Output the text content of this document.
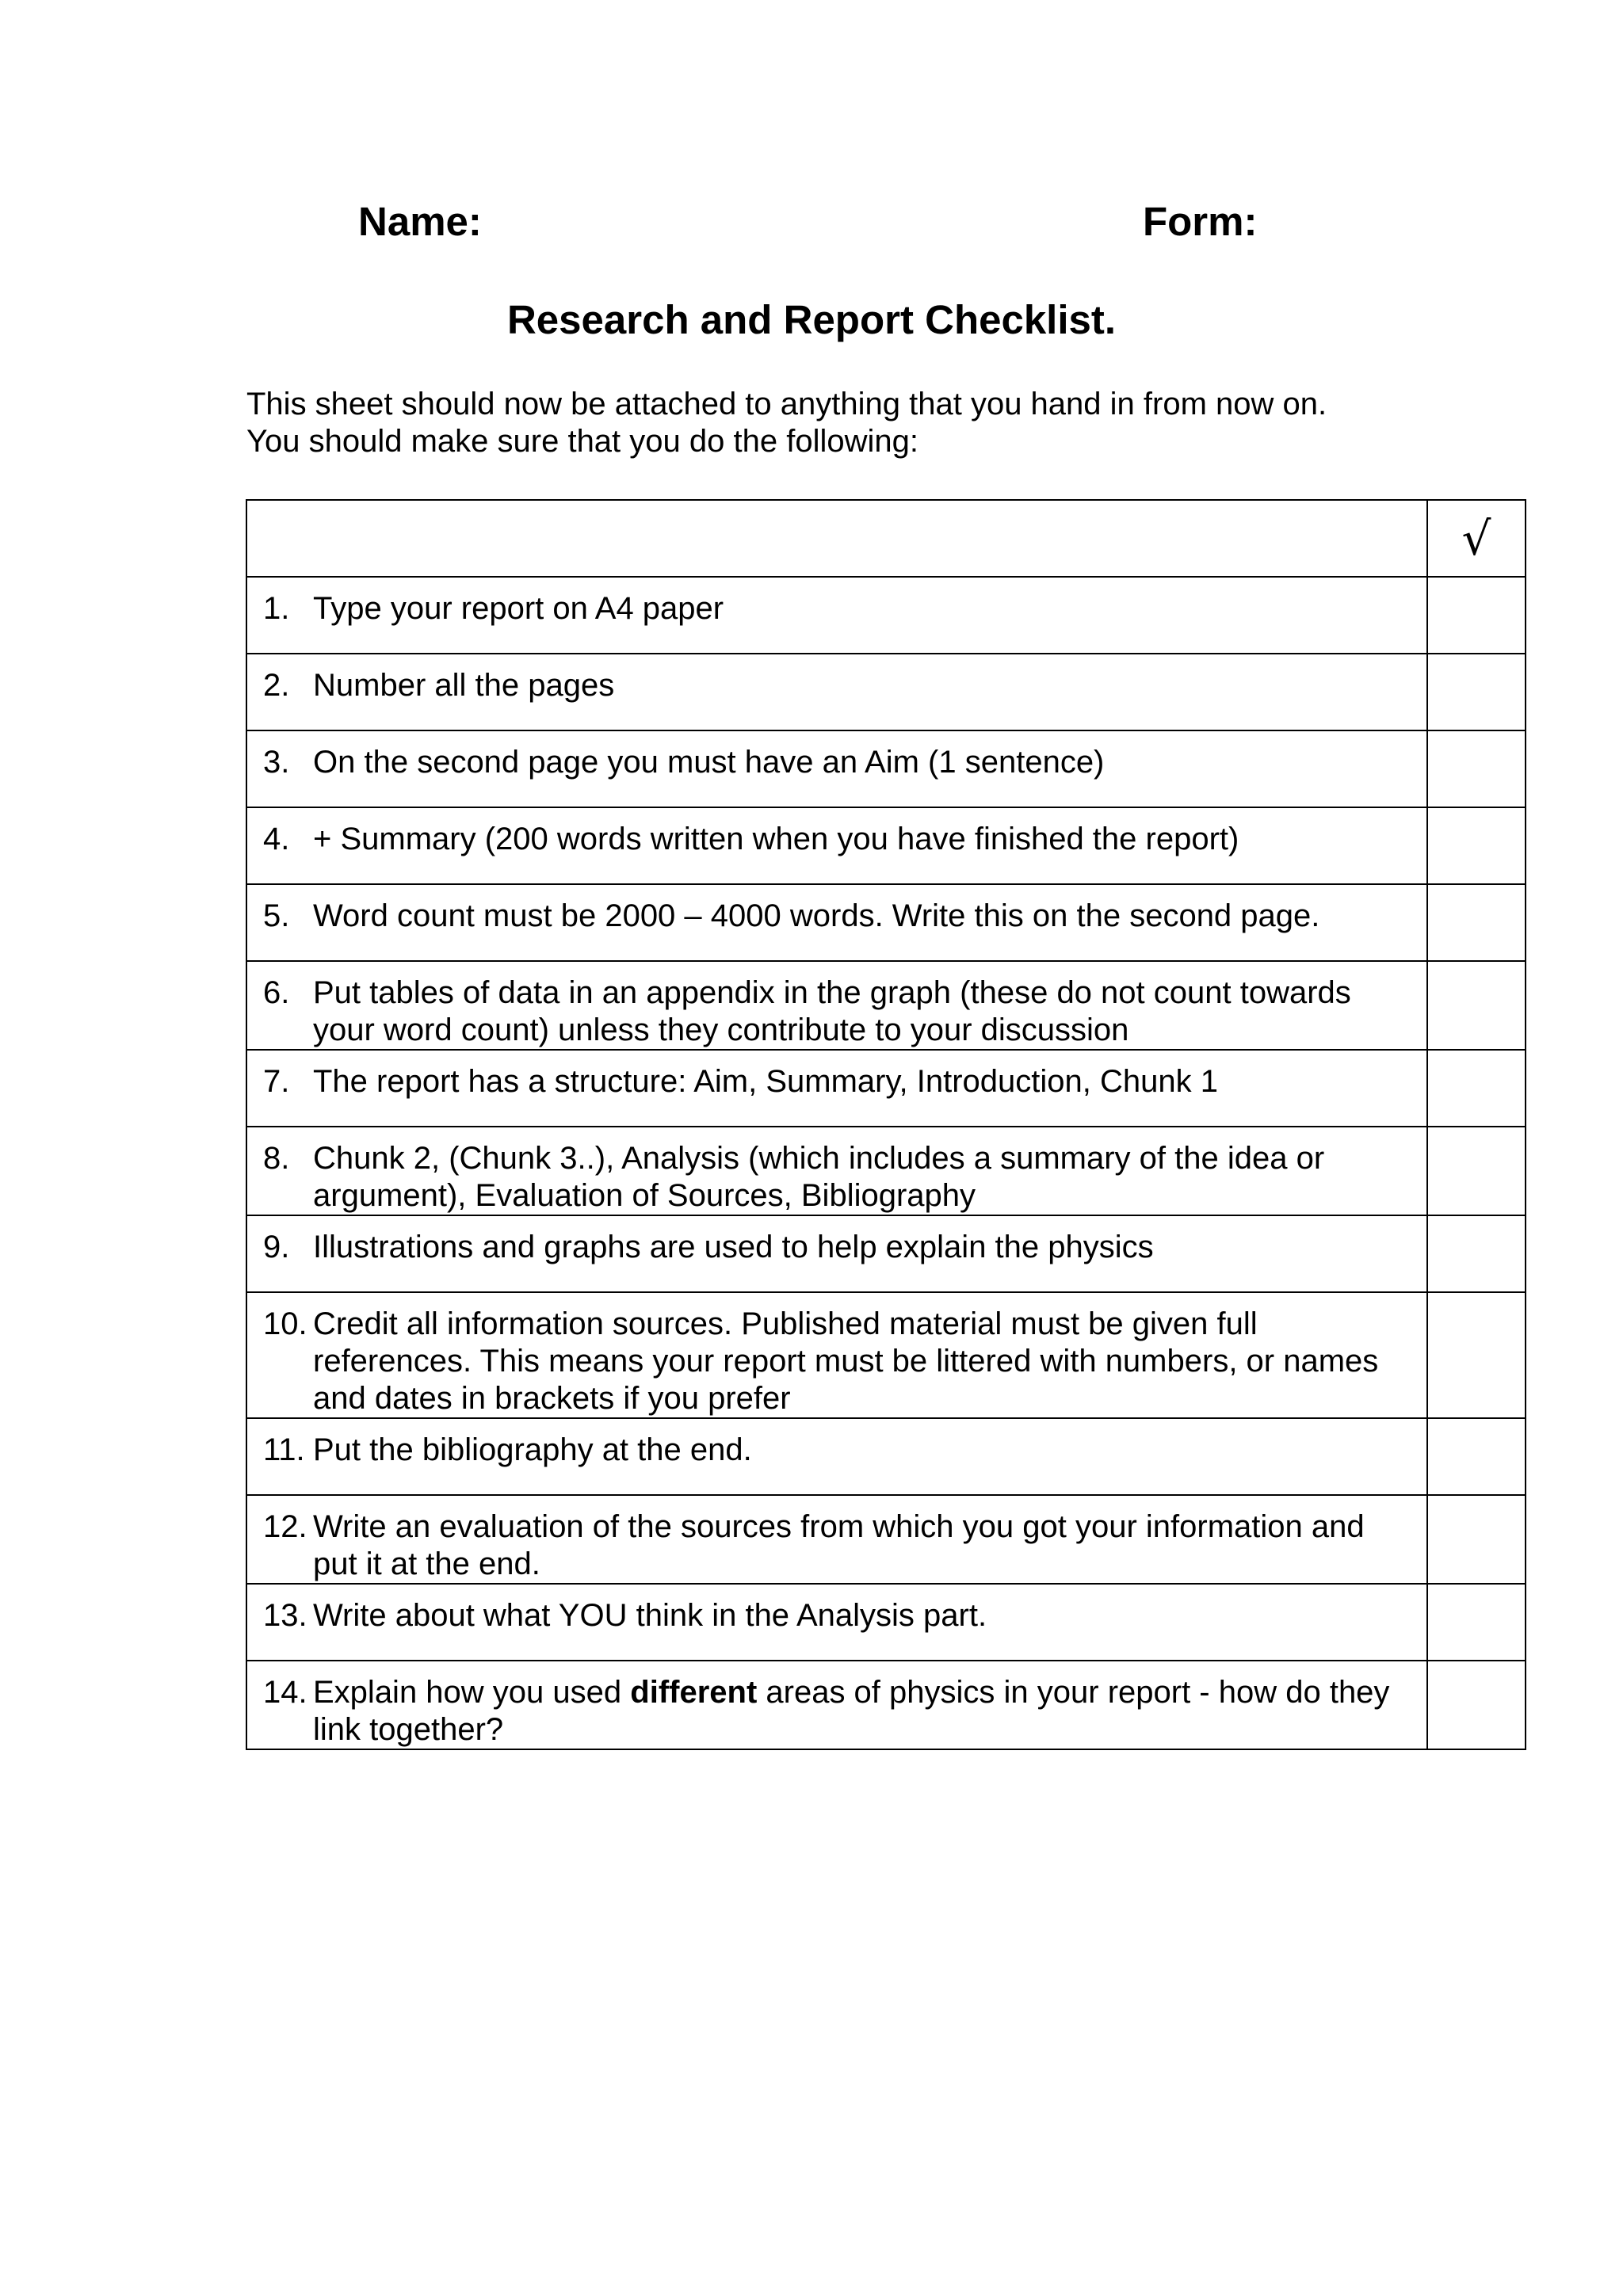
Name:	Form:
Research and Report Checklist.
This sheet should now be attached to anything that you hand in from now on.
You should make sure that you do the following:
	√

1. Type your report on A4 paper	

2. Number all the pages	

3. On the second page you must have an Aim (1 sentence)	

4. + Summary (200 words written when you have finished the report)	

5. Word count must be 2000 – 4000 words. Write this on the second page.	

6. Put tables of data in an appendix in the graph (these do not count towards your word count) unless they contribute to your discussion	

7. The report has a structure: Aim, Summary, Introduction, Chunk 1	

8. Chunk 2, (Chunk 3..), Analysis (which includes a summary of the idea or argument), Evaluation of Sources, Bibliography	

9. Illustrations and graphs are used to help explain the physics	

10. Credit all information sources. Published material must be given full references. This means your report must be littered with numbers, or names and dates in brackets if you prefer	

11. Put the bibliography at the end.	

12. Write an evaluation of the sources from which you got your information and put it at the end.	

13. Write about what YOU think in the Analysis part.	

14. Explain how you used different areas of physics in your report - how do they link together?	
